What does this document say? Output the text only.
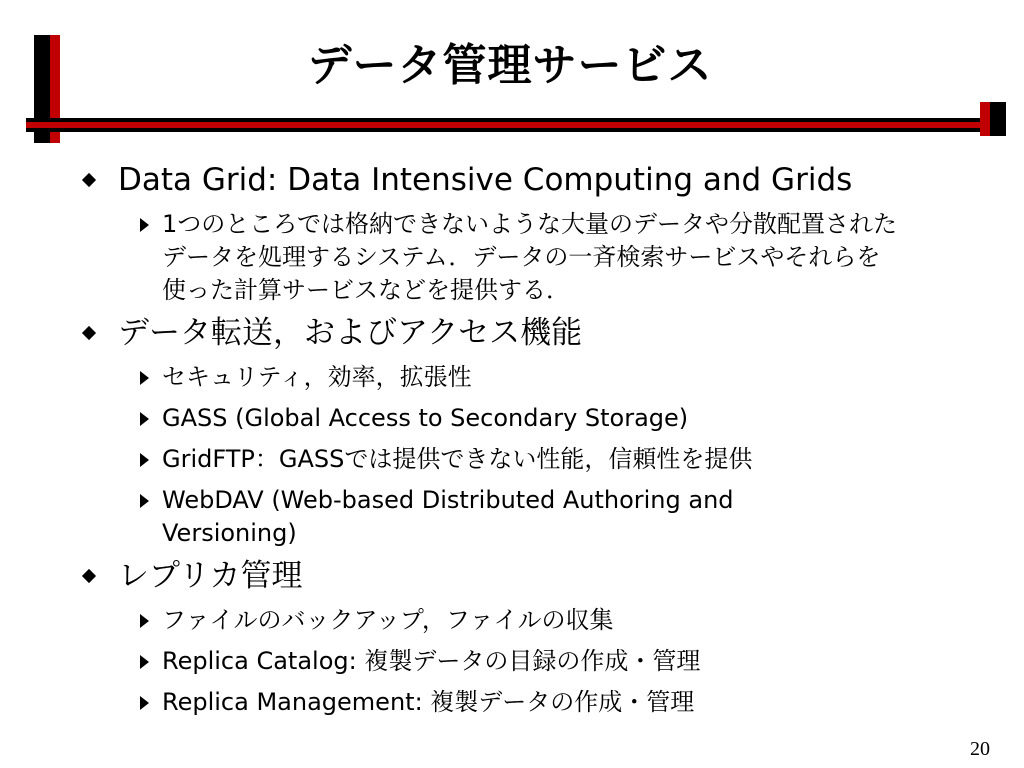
データ管理サービス
Data Grid: Data Intensive Computing and Grids
1つのところでは格納できないような大量のデータや分散配置された
データを処理するシステム．データの一斉検索サービスやそれらを
使った計算サービスなどを提供する．
データ転送，およびアクセス機能
セキュリティ，効率，拡張性
GASS (Global Access to Secondary Storage)
GridFTP：GASSでは提供できない性能，信頼性を提供
WebDAV (Web-based Distributed Authoring and
Versioning)
レプリカ管理
ファイルのバックアップ，ファイルの収集
Replica Catalog: 複製データの目録の作成・管理
Replica Management: 複製データの作成・管理
20
